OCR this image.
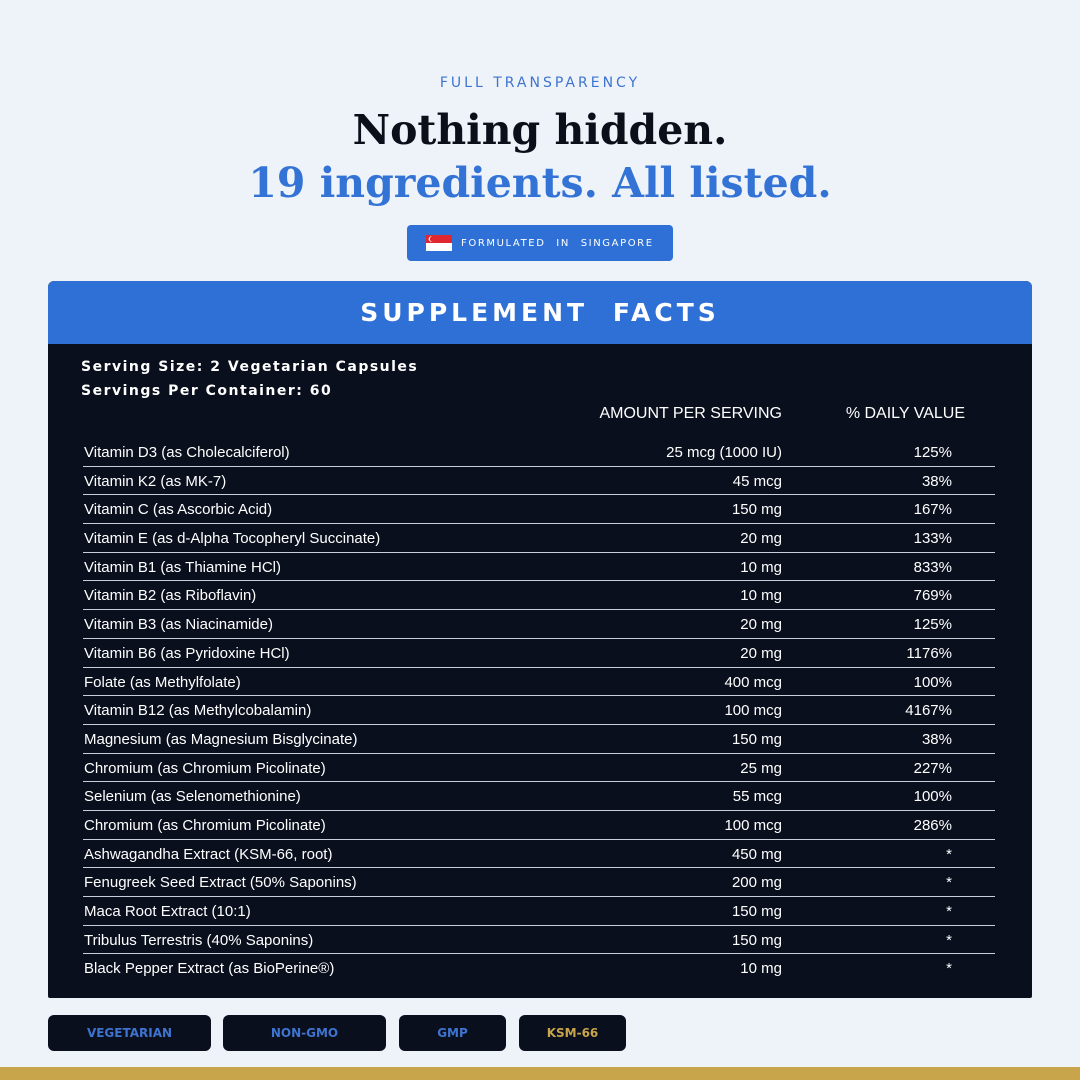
FULL TRANSPARENCY
Nothing hidden.
19 ingredients. All listed.
FORMULATED IN SINGAPORE
SUPPLEMENT FACTS
Serving Size: 2 Vegetarian Capsules
Servings Per Container: 60
AMOUNT PER SERVING	% DAILY VALUE
Vitamin D3 (as Cholecalciferol)	25 mcg (1000 IU)	125%
Vitamin K2 (as MK-7)	45 mcg	38%
Vitamin C (as Ascorbic Acid)	150 mg	167%
Vitamin E (as d-Alpha Tocopheryl Succinate)	20 mg	133%
Vitamin B1 (as Thiamine HCl)	10 mg	833%
Vitamin B2 (as Riboflavin)	10 mg	769%
Vitamin B3 (as Niacinamide)	20 mg	125%
Vitamin B6 (as Pyridoxine HCl)	20 mg	1176%
Folate (as Methylfolate)	400 mcg	100%
Vitamin B12 (as Methylcobalamin)	100 mcg	4167%
Magnesium (as Magnesium Bisglycinate)	150 mg	38%
Chromium (as Chromium Picolinate)	25 mg	227%
Selenium (as Selenomethionine)	55 mcg	100%
Chromium (as Chromium Picolinate)	100 mcg	286%
Ashwagandha Extract (KSM-66, root)	450 mg	*
Fenugreek Seed Extract (50% Saponins)	200 mg	*
Maca Root Extract (10:1)	150 mg	*
Tribulus Terrestris (40% Saponins)	150 mg	*
Black Pepper Extract (as BioPerine®)	10 mg	*
VEGETARIAN	NON-GMO	GMP	KSM-66
